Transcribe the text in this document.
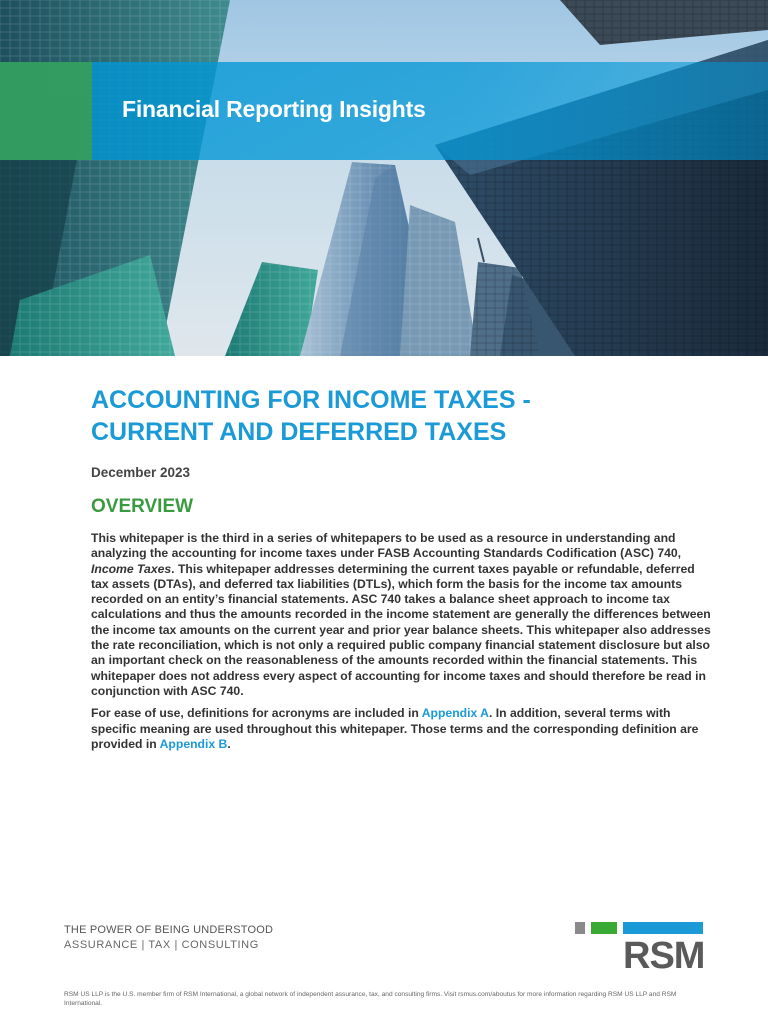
Financial Reporting Insights
ACCOUNTING FOR INCOME TAXES -
CURRENT AND DEFERRED TAXES

December 2023

OVERVIEW

This whitepaper is the third in a series of whitepapers to be used as a resource in understanding and analyzing the accounting for income taxes under FASB Accounting Standards Codification (ASC) 740, Income Taxes. This whitepaper addresses determining the current taxes payable or refundable, deferred tax assets (DTAs), and deferred tax liabilities (DTLs), which form the basis for the income tax amounts recorded on an entity’s financial statements. ASC 740 takes a balance sheet approach to income tax calculations and thus the amounts recorded in the income statement are generally the differences between the income tax amounts on the current year and prior year balance sheets. This whitepaper also addresses the rate reconciliation, which is not only a required public company financial statement disclosure but also an important check on the reasonableness of the amounts recorded within the financial statements. This whitepaper does not address every aspect of accounting for income taxes and should therefore be read in conjunction with ASC 740.

For ease of use, definitions for acronyms are included in Appendix A. In addition, several terms with specific meaning are used throughout this whitepaper. Those terms and the corresponding definition are provided in Appendix B.

THE POWER OF BEING UNDERSTOOD

ASSURANCE | TAX | CONSULTING	RSM
RSM US LLP is the U.S. member firm of RSM International, a global network of independent assurance, tax, and consulting firms. Visit rsmus.com/aboutus for more information regarding RSM US LLP and RSM International.
